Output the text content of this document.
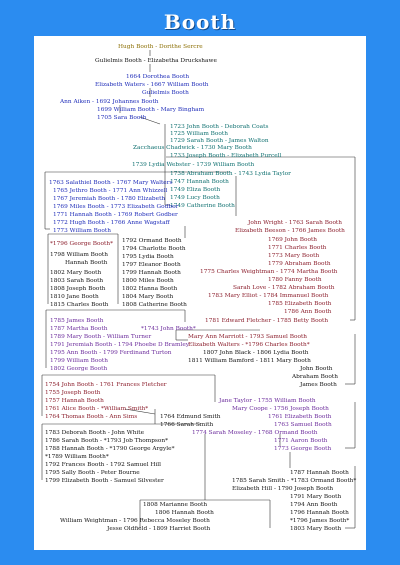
Booth
Hugh Booth - Dorithe Sercre
Gulielmis Booth - Elizabetha Druckshawe
1664 Dorothea Booth
Elizabeth Waters - 1667 William Booth
Gulielmis Booth
Ann Aiken - 1692 Johannes Booth
1699 William Booth - Mary Bingham
1705 Sara Booth
1723 John Booth - Deborah Coats
1725 William Booth
1729 Sarah Booth - James Walton
Zacchaeus Chadwick - 1730 Mary Booth
1733 Joseph Booth - Elizabeth Purcell
1739 Lydia Webster - 1739 William Booth
1738 Abraham Booth - 1743 Lydia Taylor
1747 Hannah Booth
1749 Eliza Booth
1749 Lucy Booth
1749 Catherine Booth
1763 Salathiel Booth - 1767 Mary Walters
1765 Jethro Booth - 1771 Ann Whizzell
1767 Jeremiah Booth - 1780 Elizabeth
1769 Miles Booth - 1773 Elizabeth Godber
1771 Hannah Booth - 1769 Robert Godber
1772 Hugh Booth - 1766 Anne Wagstaff
1773 William Booth
John Wright - 1763 Sarah Booth
Elizabeth Beeson - 1766 James Booth
1769 John Booth
1771 Charles Booth
1773 Mary Booth
1775 Charles Weightman - 1774 Martha Booth
1779 Abraham Booth
1780 Fanny Booth
Sarah Love - 1782 Abraham Booth
1783 Mary Elliot - 1784 Immanuel Booth
1785 Elizabeth Booth
1786 Ann Booth
1781 Edward Fletcher - 1785 Betty Booth
*1796 George Booth*
1798 William Booth
Hannah Booth
1802 Mary Booth
1803 Sarah Booth
1808 Joseph Booth
1810 Jane Booth
1815 Charles Booth
1792 Ormand Booth
1794 Charlotte Booth
1795 Lydia Booth
1797 Eleanor Booth
1799 Hannah Booth
1800 Miles Booth
1802 Hanna Booth
1804 Mary Booth
1808 Catherine Booth
1785 James Booth
1787 Martha Booth	*1743 John Booth*
1789 Mary Booth - William Turner
1791 Jeremiah Booth - 1794 Phoebe D Bramley
1795 Ann Booth - 1799 Ferdinand Turton
1799 William Booth
1802 George Booth
Mary Ann Marriott - 1793 Samuel Booth
Elizabeth Walters - *1796 Charles Booth*
1807 John Black - 1806 Lydia Booth
1811 William Bamford - 1811 Mary Booth
John Booth
Abraham Booth
James Booth
1754 John Booth - 1761 Frances Fletcher
1755 Joseph Booth
1757 Hannah Booth
1761 Alice Booth - *William Smith*
1764 Thomas Booth - Ann Sims	1764 Edmund Smith
1766 Sarah Smith
Jane Taylor - 1755 William Booth
Mary Coope - 1756 Joseph Booth
1761 Elizabeth Booth
1763 Samuel Booth
1774 Sarah Moseley - 1768 Ormand Booth
1771 Aaron Booth
1773 George Booth
1783 Deborah Booth - John White
1786 Sarah Booth - *1793 Job Thompson*
1788 Hannah Booth - *1790 George Argyle*
*1789 William Booth*
1792 Frances Booth - 1792 Samuel Hill
1795 Sally Booth - Peter Bourne
1799 Elizabeth Booth - Samuel Silvester
1787 Hannah Booth
1785 Sarah Smith - *1783 Ormand Booth*
Elizabeth Hill - 1790 Joseph Booth
1791 Mary Booth
1794 Ann Booth
1796 Hannah Booth
*1796 James Booth*
1803 Mary Booth
1808 Marianne Booth
1806 Hannah Booth
William Weightman - 1796 Rebecca Moseley Booth
Jesse Oldfield - 1809 Harriet Booth
